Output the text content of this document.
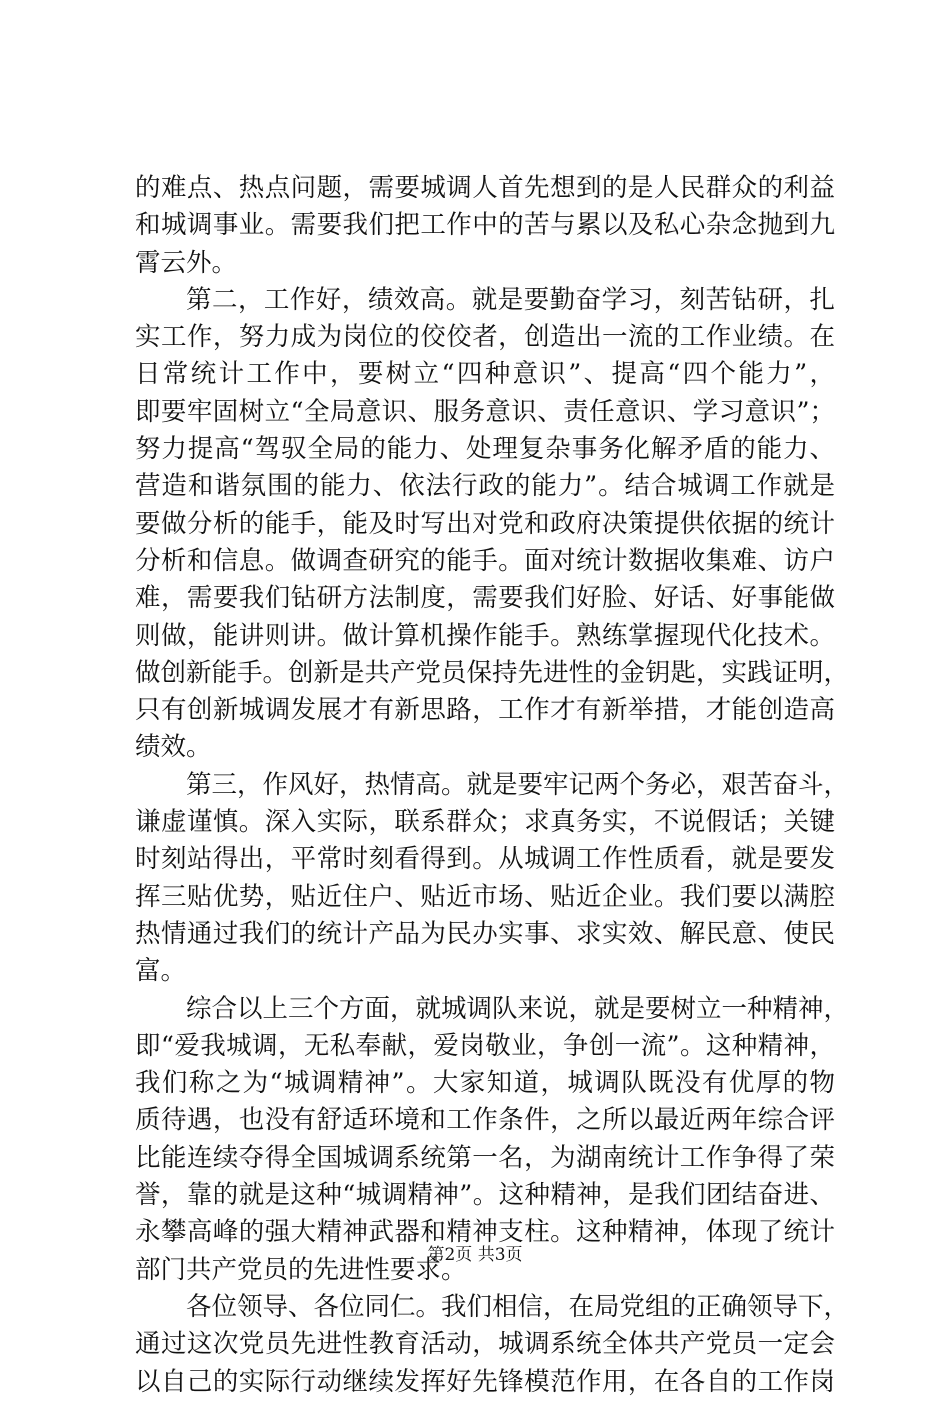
的难点、热点问题，需要城调人首先想到的是人民群众的利益
和城调事业。需要我们把工作中的苦与累以及私心杂念抛到九
霄云外。
第二，工作好，绩效高。就是要勤奋学习，刻苦钻研，扎
实工作，努力成为岗位的佼佼者，创造出一流的工作业绩。在
日常统计工作中，要树立“四种意识”、提高“四个能力”，
即要牢固树立“全局意识、服务意识、责任意识、学习意识”；
努力提高“驾驭全局的能力、处理复杂事务化解矛盾的能力、
营造和谐氛围的能力、依法行政的能力”。结合城调工作就是
要做分析的能手，能及时写出对党和政府决策提供依据的统计
分析和信息。做调查研究的能手。面对统计数据收集难、访户
难，需要我们钻研方法制度，需要我们好脸、好话、好事能做
则做，能讲则讲。做计算机操作能手。熟练掌握现代化技术。
做创新能手。创新是共产党员保持先进性的金钥匙，实践证明，
只有创新城调发展才有新思路，工作才有新举措，才能创造高
绩效。
第三，作风好，热情高。就是要牢记两个务必，艰苦奋斗，
谦虚谨慎。深入实际，联系群众；求真务实，不说假话；关键
时刻站得出，平常时刻看得到。从城调工作性质看，就是要发
挥三贴优势，贴近住户、贴近市场、贴近企业。我们要以满腔
热情通过我们的统计产品为民办实事、求实效、解民意、使民
富。
综合以上三个方面，就城调队来说，就是要树立一种精神，
即“爱我城调，无私奉献，爱岗敬业，争创一流”。这种精神，
我们称之为“城调精神”。大家知道，城调队既没有优厚的物
质待遇，也没有舒适环境和工作条件，之所以最近两年综合评
比能连续夺得全国城调系统第一名，为湖南统计工作争得了荣
誉，靠的就是这种“城调精神”。这种精神，是我们团结奋进、
永攀高峰的强大精神武器和精神支柱。这种精神，体现了统计
部门共产党员的先进性要求。
各位领导、各位同仁。我们相信，在局党组的正确领导下，
通过这次党员先进性教育活动，城调系统全体共产党员一定会
以自己的实际行动继续发挥好先锋模范作用，在各自的工作岗
第2页 共3页
